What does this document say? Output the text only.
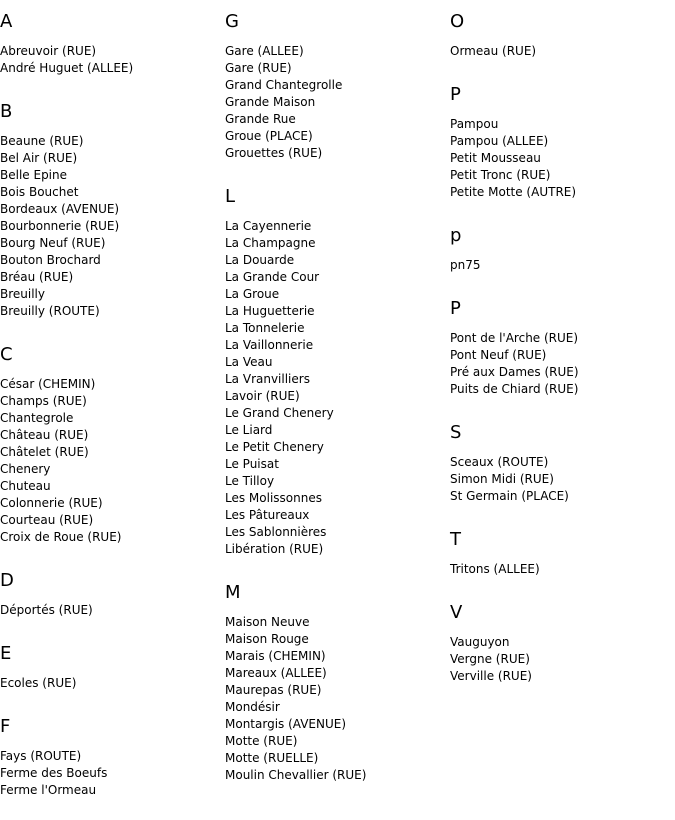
A
Abreuvoir (RUE)
André Huguet (ALLEE)
B
Beaune (RUE)
Bel Air (RUE)
Belle Epine
Bois Bouchet
Bordeaux (AVENUE)
Bourbonnerie (RUE)
Bourg Neuf (RUE)
Bouton Brochard
Bréau (RUE)
Breuilly
Breuilly (ROUTE)
C
César (CHEMIN)
Champs (RUE)
Chantegrole
Château (RUE)
Châtelet (RUE)
Chenery
Chuteau
Colonnerie (RUE)
Courteau (RUE)
Croix de Roue (RUE)
D
Déportés (RUE)
E
Ecoles (RUE)
F
Fays (ROUTE)
Ferme des Boeufs
Ferme l'Ormeau
G
Gare (ALLEE)
Gare (RUE)
Grand Chantegrolle
Grande Maison
Grande Rue
Groue (PLACE)
Grouettes (RUE)
L
La Cayennerie
La Champagne
La Douarde
La Grande Cour
La Groue
La Huguetterie
La Tonnelerie
La Vaillonnerie
La Veau
La Vranvilliers
Lavoir (RUE)
Le Grand Chenery
Le Liard
Le Petit Chenery
Le Puisat
Le Tilloy
Les Molissonnes
Les Pâtureaux
Les Sablonnières
Libération (RUE)
M
Maison Neuve
Maison Rouge
Marais (CHEMIN)
Mareaux (ALLEE)
Maurepas (RUE)
Mondésir
Montargis (AVENUE)
Motte (RUE)
Motte (RUELLE)
Moulin Chevallier (RUE)
O
Ormeau (RUE)
P
Pampou
Pampou (ALLEE)
Petit Mousseau
Petit Tronc (RUE)
Petite Motte (AUTRE)
p
pn75
P
Pont de l'Arche (RUE)
Pont Neuf (RUE)
Pré aux Dames (RUE)
Puits de Chiard (RUE)
S
Sceaux (ROUTE)
Simon Midi (RUE)
St Germain (PLACE)
T
Tritons (ALLEE)
V
Vauguyon
Vergne (RUE)
Verville (RUE)
